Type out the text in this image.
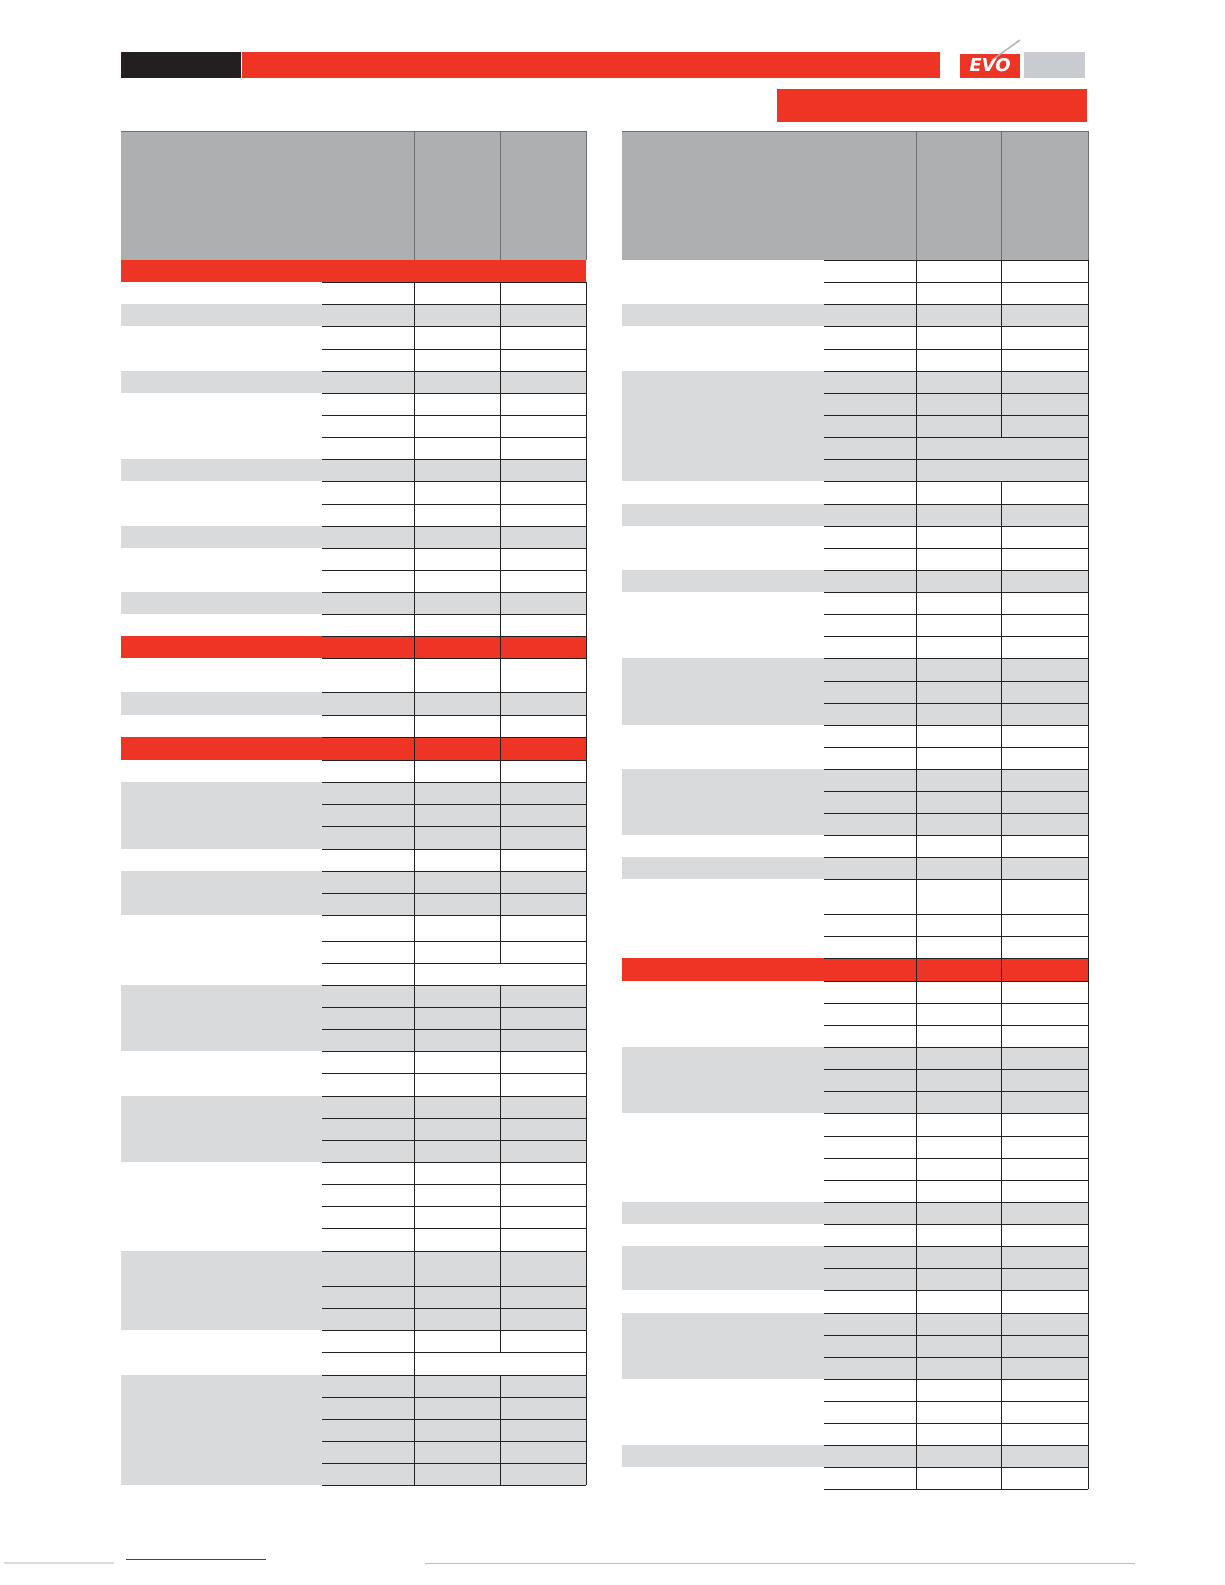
EVO
